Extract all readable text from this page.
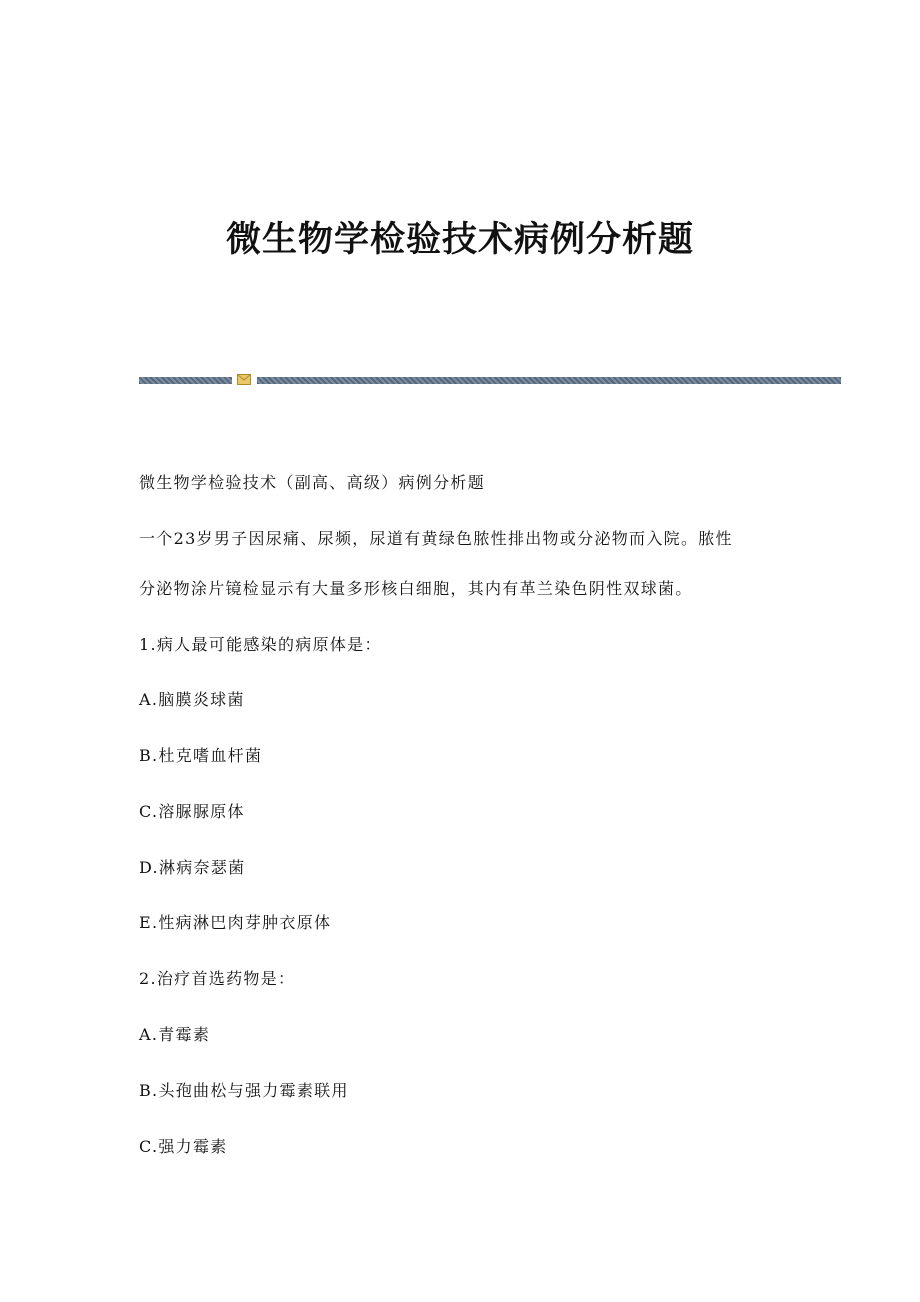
微生物学检验技术病例分析题
微生物学检验技术（副高、高级）病例分析题
一个23岁男子因尿痛、尿频，尿道有黄绿色脓性排出物或分泌物而入院。脓性
分泌物涂片镜检显示有大量多形核白细胞，其内有革兰染色阴性双球菌。
1.病人最可能感染的病原体是：
A.脑膜炎球菌
B.杜克嗜血杆菌
C.溶脲脲原体
D.淋病奈瑟菌
E.性病淋巴肉芽肿衣原体
2.治疗首选药物是：
A.青霉素
B.头孢曲松与强力霉素联用
C.强力霉素
